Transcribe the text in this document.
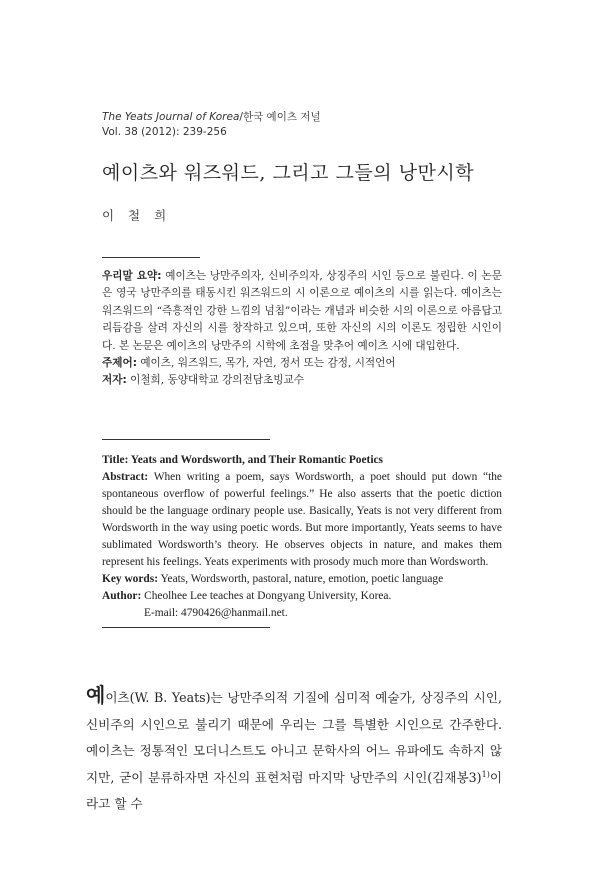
The Yeats Journal of Korea/한국 예이츠 저널
Vol. 38 (2012): 239-256
예이츠와 워즈워드, 그리고 그들의 낭만시학
이 철 희
우리말 요약: 예이츠는 낭만주의자, 신비주의자, 상징주의 시인 등으로 불린다. 이 논문은 영국 낭만주의를 태동시킨 워즈워드의 시 이론으로 예이츠의 시를 읽는다. 예이츠는 워즈워드의 “즉흥적인 강한 느낌의 넘침”이라는 개념과 비슷한 시의 이론으로 아름답고 리듬감을 살려 자신의 시를 창작하고 있으며, 또한 자신의 시의 이론도 정립한 시인이다. 본 논문은 예이츠의 낭만주의 시학에 초점을 맞추어 예이츠 시에 대입한다.
주제어: 예이츠, 워즈워드, 목가, 자연, 정서 또는 감정, 시적언어
저자: 이철희, 동양대학교 강의전담초빙교수

Title: Yeats and Wordsworth, and Their Romantic Poetics

Abstract: When writing a poem, says Wordsworth, a poet should put down “the spontaneous overflow of powerful feelings.” He also asserts that the poetic diction should be the language ordinary people use. Basically, Yeats is not very different from Wordsworth in the way using poetic words. But more importantly, Yeats seems to have sublimated Wordsworth’s theory. He observes objects in nature, and makes them represent his feelings. Yeats experiments with prosody much more than Wordsworth.

Key words: Yeats, Wordsworth, pastoral, nature, emotion, poetic language

Author: Cheolhee Lee teaches at Dongyang University, Korea.

E-mail: 4790426@hanmail.net.

예이츠(W. B. Yeats)는 낭만주의적 기질에 심미적 예술가, 상징주의 시인, 신비주의 시인으로 불리기 때문에 우리는 그를 특별한 시인으로 간주한다. 예이츠는 정통적인 모더니스트도 아니고 문학사의 어느 유파에도 속하지 않지만, 굳이 분류하자면 자신의 표현처럼 마지막 낭만주의 시인(김재봉3)$^{1)}$이라고 할 수
